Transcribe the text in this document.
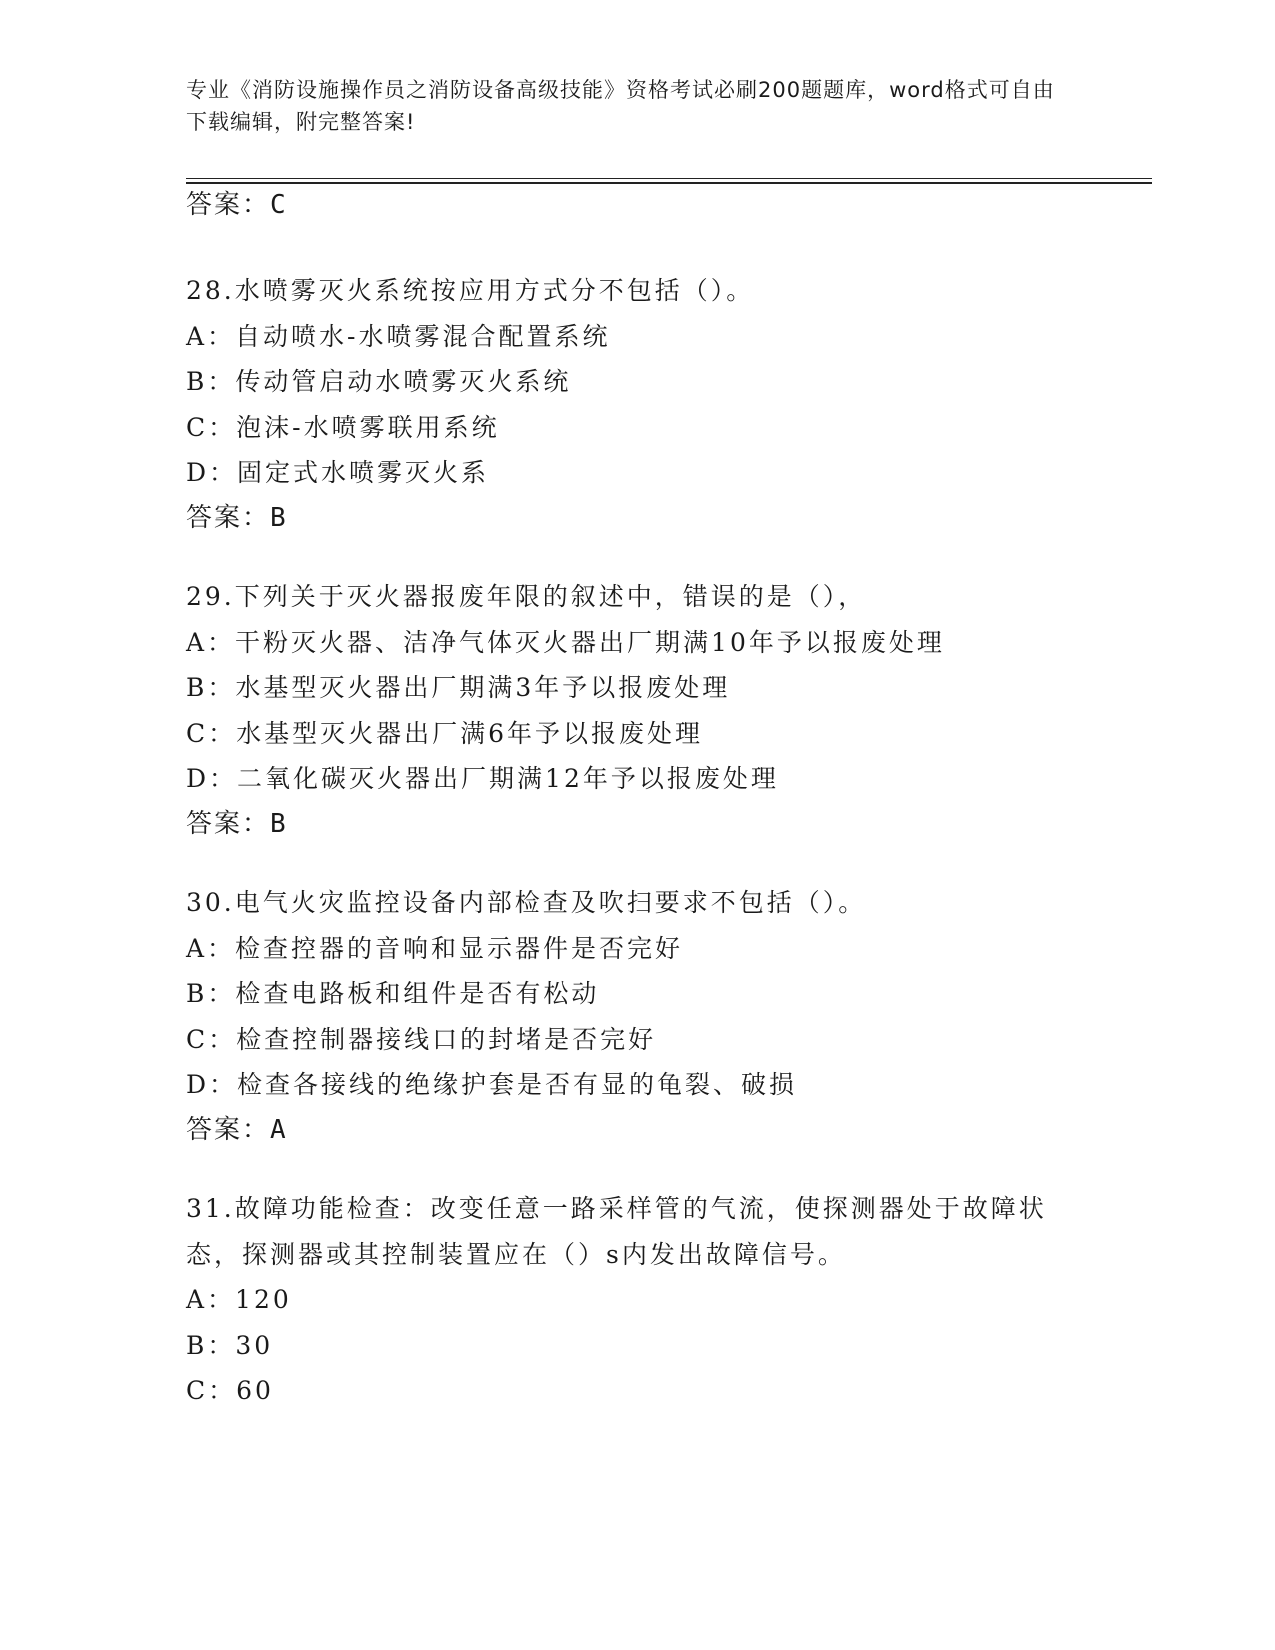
专业《消防设施操作员之消防设备高级技能》资格考试必刷200题题库，word格式可自由下载编辑，附完整答案!
答案：C
28.水喷雾灭火系统按应用方式分不包括（）。
A：自动喷水-水喷雾混合配置系统
B：传动管启动水喷雾灭火系统
C：泡沫-水喷雾联用系统
D：固定式水喷雾灭火系
答案：B
29.下列关于灭火器报废年限的叙述中，错误的是（），
A：干粉灭火器、洁净气体灭火器出厂期满10年予以报废处理
B：水基型灭火器出厂期满3年予以报废处理
C：水基型灭火器出厂满6年予以报废处理
D：二氧化碳灭火器出厂期满12年予以报废处理
答案：B
30.电气火灾监控设备内部检查及吹扫要求不包括（）。
A：检查控器的音响和显示器件是否完好
B：检查电路板和组件是否有松动
C：检查控制器接线口的封堵是否完好
D：检查各接线的绝缘护套是否有显的龟裂、破损
答案：A
31.故障功能检查：改变任意一路采样管的气流，使探测器处于故障状态，探测器或其控制装置应在（）s内发出故障信号。
A：120
B：30
C：60
